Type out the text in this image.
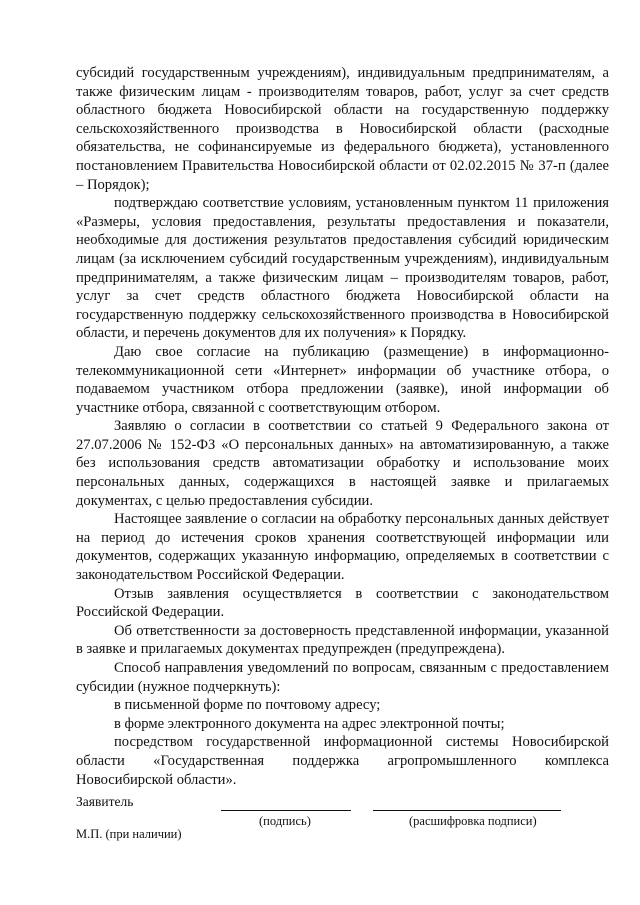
субсидий государственным учреждениям), индивидуальным предпринимателям, а также физическим лицам - производителям товаров, работ, услуг за счет средств областного бюджета Новосибирской области на государственную поддержку сельскохозяйственного производства в Новосибирской области (расходные обязательства, не софинансируемые из федерального бюджета), установленного постановлением Правительства Новосибирской области от 02.02.2015 № 37-п (далее – Порядок);

подтверждаю соответствие условиям, установленным пунктом 11 приложения «Размеры, условия предоставления, результаты предоставления и показатели, необходимые для достижения результатов предоставления субсидий юридическим лицам (за исключением субсидий государственным учреждениям), индивидуальным предпринимателям, а также физическим лицам – производителям товаров, работ, услуг за счет средств областного бюджета Новосибирской области на государственную поддержку сельскохозяйственного производства в Новосибирской области, и перечень документов для их получения» к Порядку.

Даю свое согласие на публикацию (размещение) в информационно-телекоммуникационной сети «Интернет» информации об участнике отбора, о подаваемом участником отбора предложении (заявке), иной информации об участнике отбора, связанной с соответствующим отбором.

Заявляю о согласии в соответствии со статьей 9 Федерального закона от 27.07.2006 № 152-ФЗ «О персональных данных» на автоматизированную, а также без использования средств автоматизации обработку и использование моих персональных данных, содержащихся в настоящей заявке и прилагаемых документах, с целью предоставления субсидии.

Настоящее заявление о согласии на обработку персональных данных действует на период до истечения сроков хранения соответствующей информации или документов, содержащих указанную информацию, определяемых в соответствии с законодательством Российской Федерации.

Отзыв заявления осуществляется в соответствии с законодательством Российской Федерации.

Об ответственности за достоверность представленной информации, указанной в заявке и прилагаемых документах предупрежден (предупреждена).

Способ направления уведомлений по вопросам, связанным с предоставлением субсидии (нужное подчеркнуть):

в письменной форме по почтовому адресу;

в форме электронного документа на адрес электронной почты;

посредством государственной информационной системы Новосибирской области «Государственная поддержка агропромышленного комплекса Новосибирской области».

Заявитель
(подпись)	(расшифровка подписи)
М.П. (при наличии)
